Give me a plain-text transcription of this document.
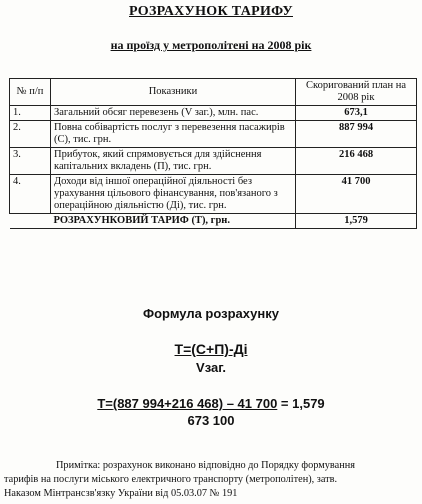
РОЗРАХУНОК ТАРИФУ
на проїзд у метрополітені на 2008 рік
№ п/п	Показники	Скоригований план на 2008 рік
1.	Загальний обсяг перевезень (V заг.), млн. пас.	673,1
2.	Повна собівартість послуг з перевезення пасажирів (С), тис. грн.	887 994
3.	Прибуток, який спрямовується для здійснення капітальних вкладень (П), тис. грн.	216 468
4.	Доходи від іншої операційної діяльності без урахування цільового фінансування, пов'язаного з операційною діяльністю (Ді), тис. грн.	41 700
	РОЗРАХУНКОВИЙ ТАРИФ (Т), грн.	1,579
Формула розрахунку
Т=(С+П)-Ді
Vзаг.
Т=(887 994+216 468) – 41 700 = 1,579
673 100
Примітка: розрахунок виконано відповідно до Порядку формування
тарифів на послуги міського електричного транспорту (метрополітен), затв.
Наказом Мінтрансзв'язку України від 05.03.07 № 191
